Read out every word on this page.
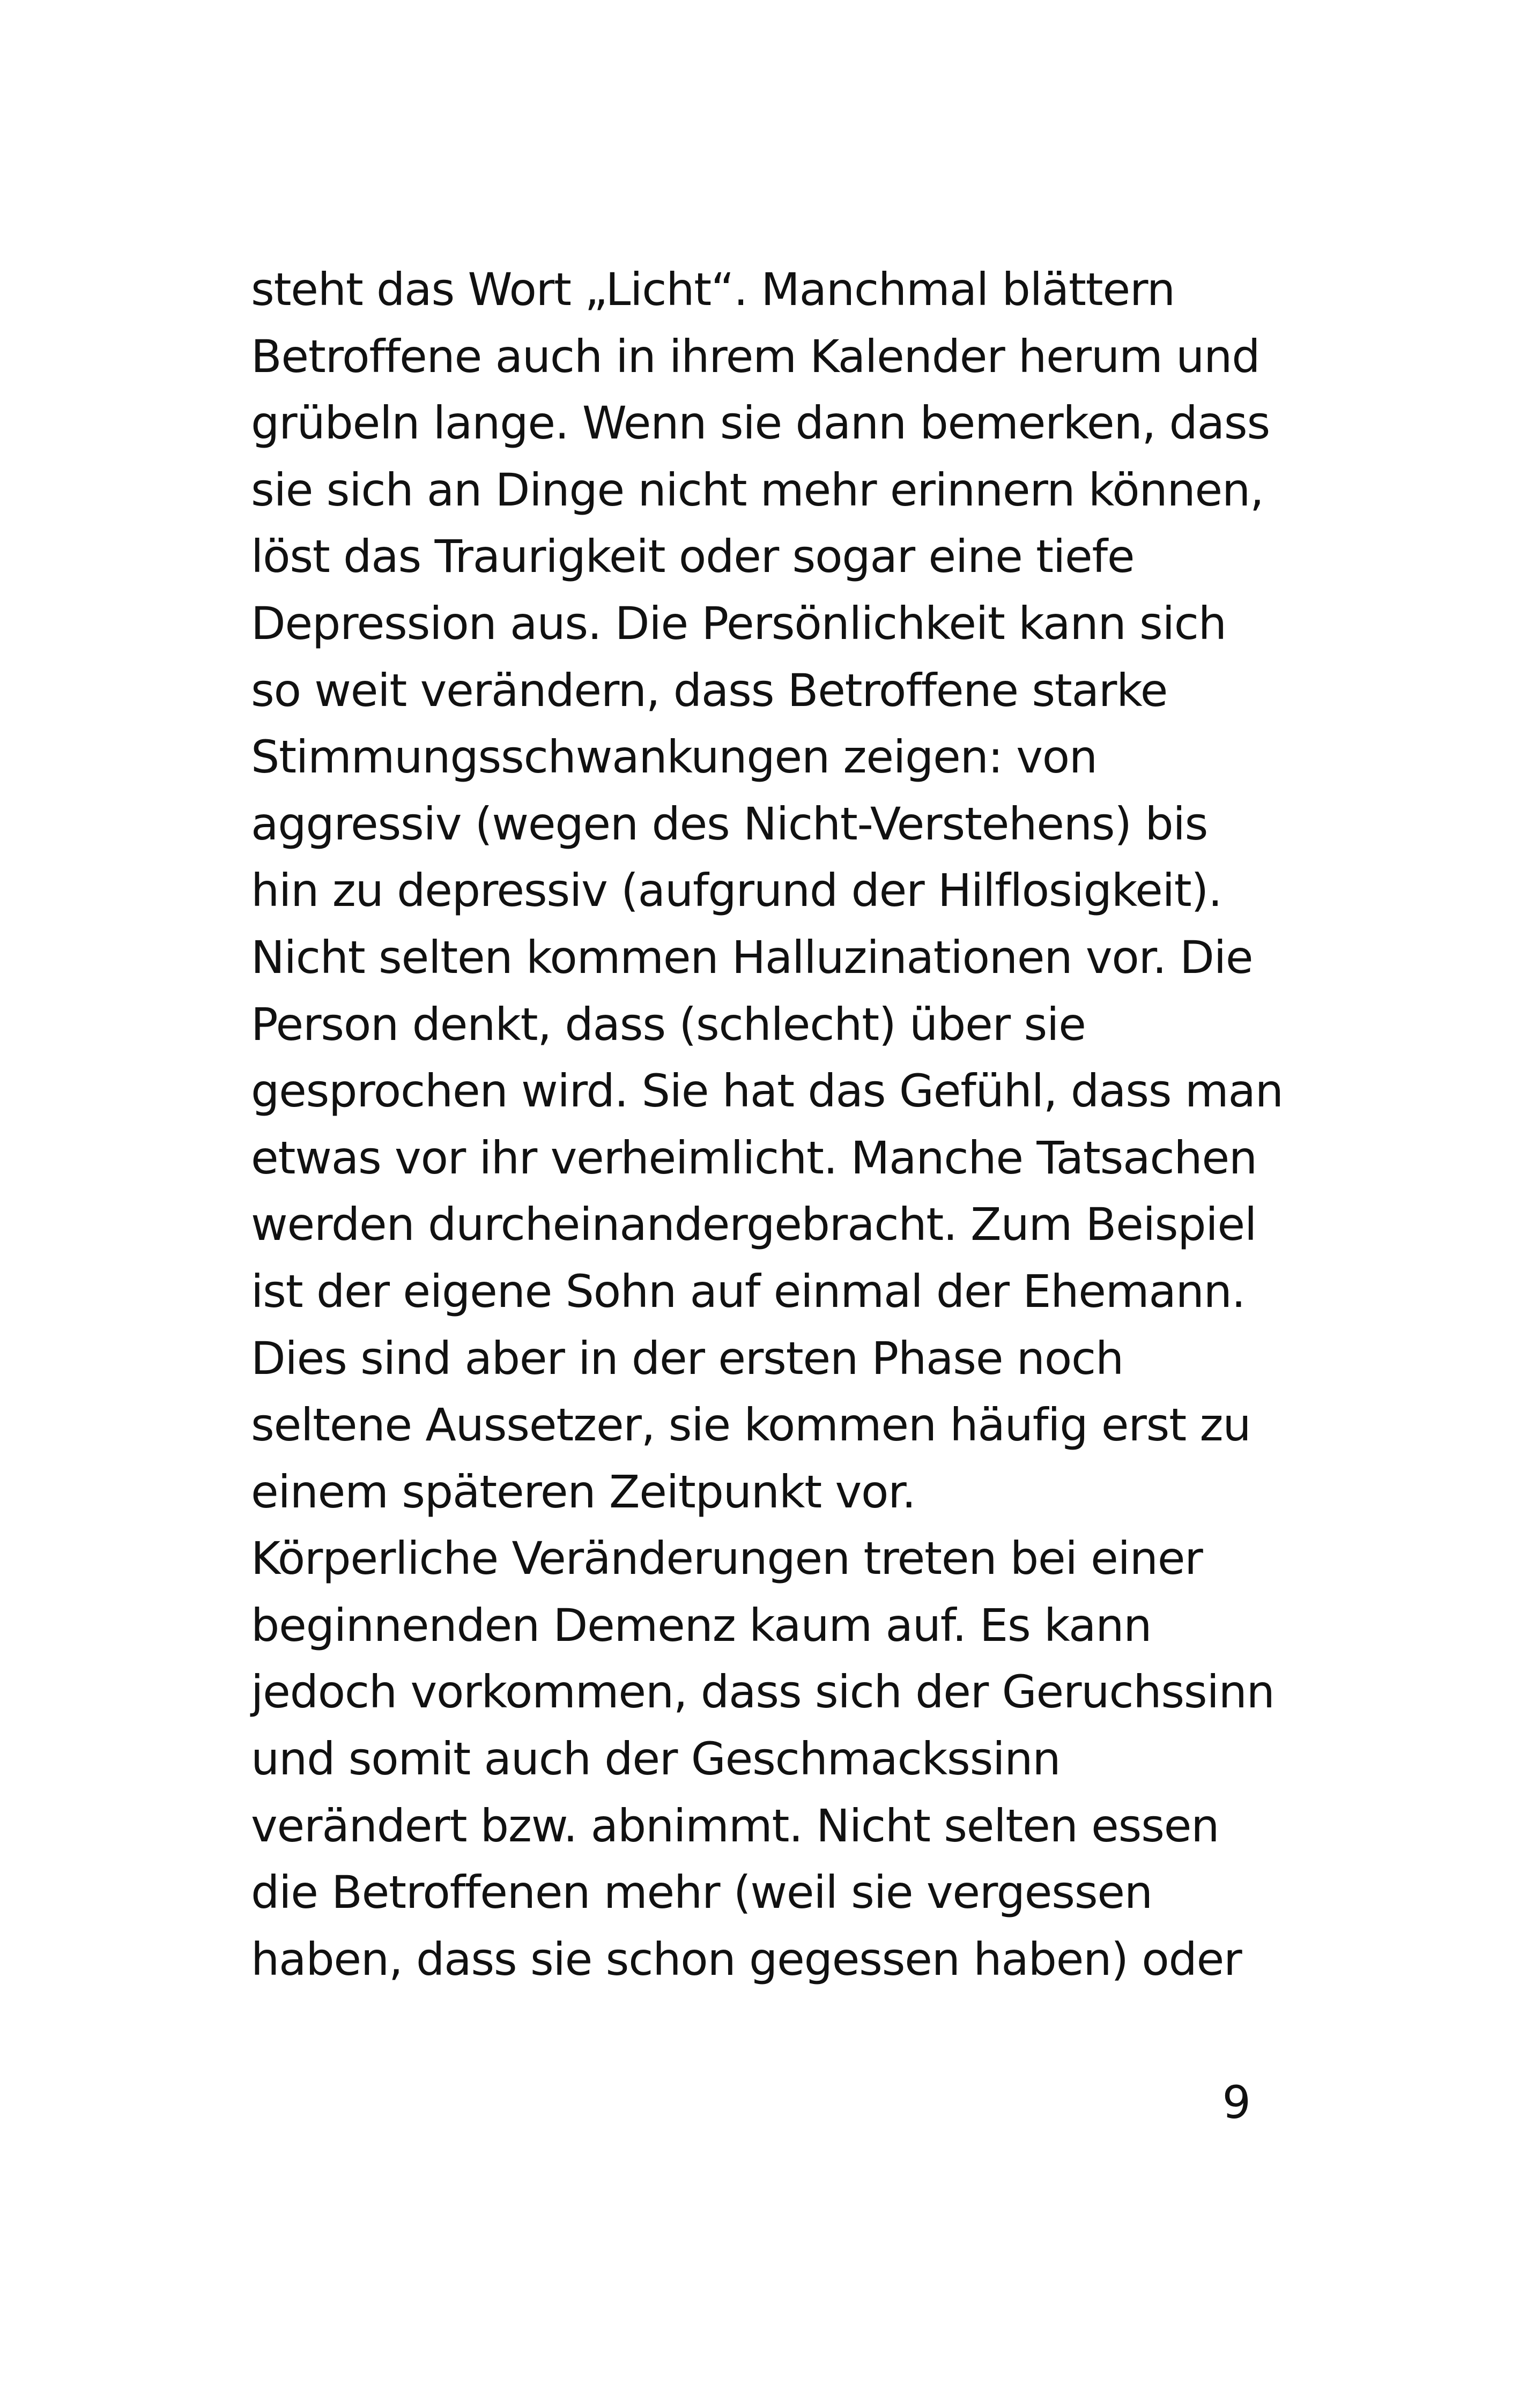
steht das Wort „Licht“. Manchmal blättern
Betroffene auch in ihrem Kalender herum und
grübeln lange. Wenn sie dann bemerken, dass
sie sich an Dinge nicht mehr erinnern können,
löst das Traurigkeit oder sogar eine tiefe
Depression aus. Die Persönlichkeit kann sich
so weit verändern, dass Betroffene starke
Stimmungsschwankungen zeigen: von
aggressiv (wegen des Nicht-Verstehens) bis
hin zu depressiv (aufgrund der Hilflosigkeit).
Nicht selten kommen Halluzinationen vor. Die
Person denkt, dass (schlecht) über sie
gesprochen wird. Sie hat das Gefühl, dass man
etwas vor ihr verheimlicht. Manche Tatsachen
werden durcheinandergebracht. Zum Beispiel
ist der eigene Sohn auf einmal der Ehemann.
Dies sind aber in der ersten Phase noch
seltene Aussetzer, sie kommen häufig erst zu
einem späteren Zeitpunkt vor.
Körperliche Veränderungen treten bei einer
beginnenden Demenz kaum auf. Es kann
jedoch vorkommen, dass sich der Geruchssinn
und somit auch der Geschmackssinn
verändert bzw. abnimmt. Nicht selten essen
die Betroffenen mehr (weil sie vergessen
haben, dass sie schon gegessen haben) oder
9
